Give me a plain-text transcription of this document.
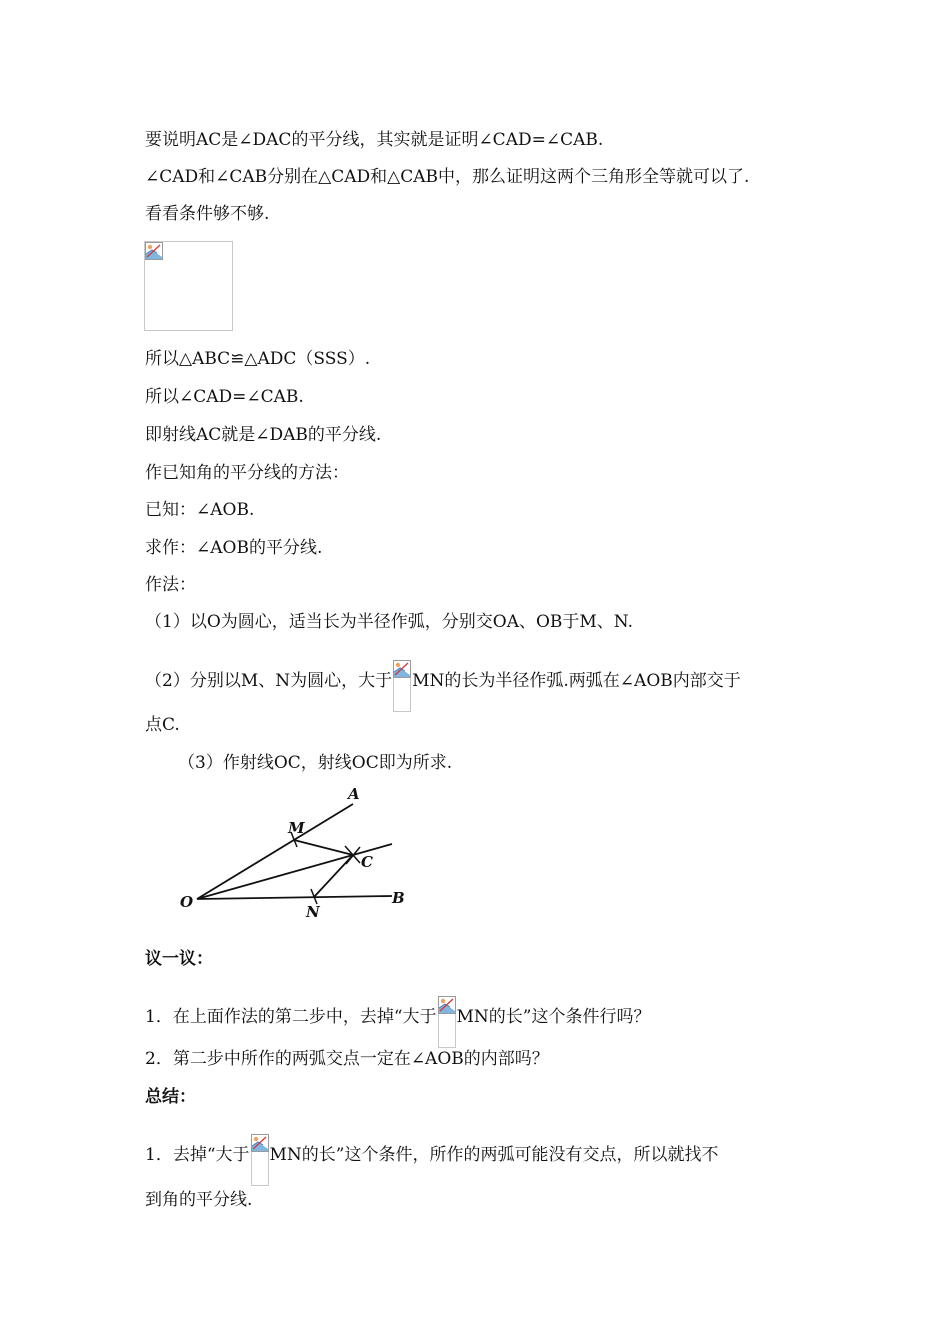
要说明AC是∠DAC的平分线，其实就是证明∠CAD=∠CAB.
∠CAD和∠CAB分别在△CAD和△CAB中，那么证明这两个三角形全等就可以了.
看看条件够不够.
所以△ABC≌△ADC（SSS）.
所以∠CAD=∠CAB.
即射线AC就是∠DAB的平分线.
作已知角的平分线的方法：
已知：∠AOB.
求作：∠AOB的平分线.
作法：
（1）以O为圆心，适当长为半径作弧，分别交OA、OB于M、N.
（2）分别以M、N为圆心，大于 MN的长为半径作弧.两弧在∠AOB内部交于
点C.
（3）作射线OC，射线OC即为所求.
A
M
C
O
N
B
议一议：
1．在上面作法的第二步中，去掉“大于 MN的长”这个条件行吗？
2．第二步中所作的两弧交点一定在∠AOB的内部吗？
总结：
1．去掉“大于 MN的长”这个条件，所作的两弧可能没有交点，所以就找不
到角的平分线.
